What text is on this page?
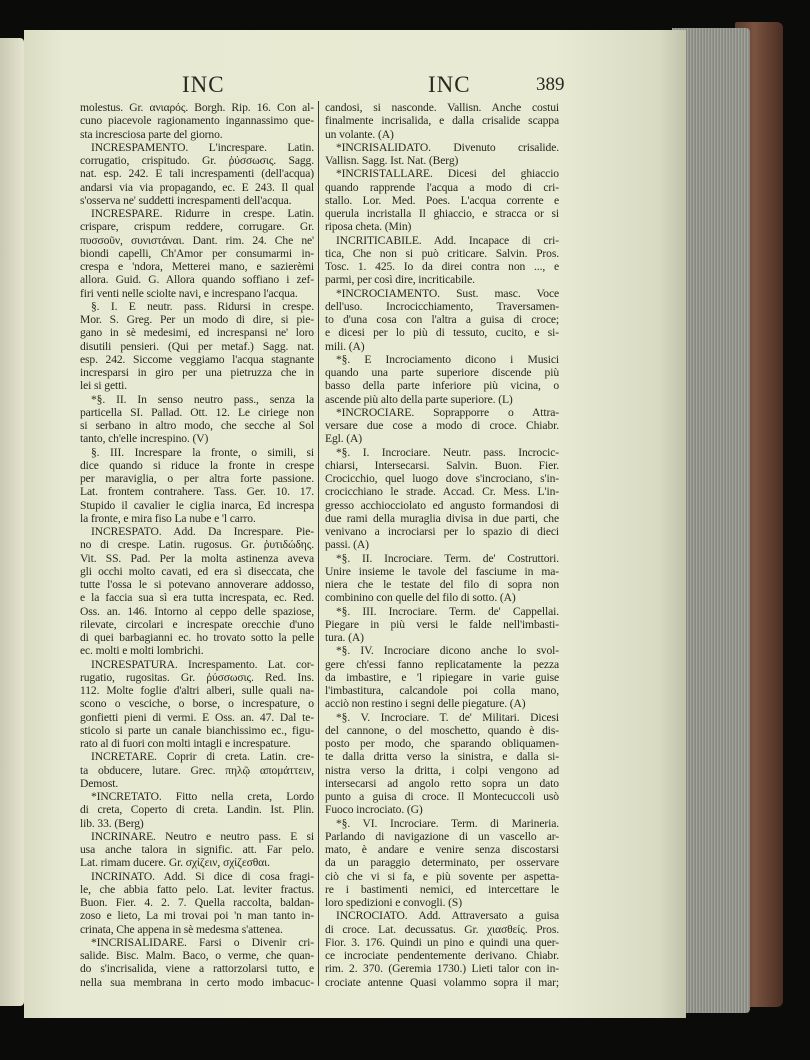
INC	INC	389
molestus. Gr. ανιαρός. Borgh. Rip. 16. Con al-
cuno piacevole ragionamento ingannassimo que-
sta incresciosa parte del giorno.
INCRESPAMENTO. L'increspare. Latin.
corrugatio, crispitudo. Gr. ῥύσσωσις. Sagg.
nat. esp. 242. E tali increspamenti (dell'acqua)
andarsi via via propagando, ec. E 243. Il qual
s'osserva ne' suddetti increspamenti dell'acqua.
INCRESPARE. Ridurre in crespe. Latin.
crispare, crispum reddere, corrugare. Gr.
πυσσοῦν, συνιστάναι. Dant. rim. 24. Che ne'
biondi capelli, Ch'Amor per consumarmi in-
crespa e 'ndora, Metterei mano, e sazierèmi
allora. Guid. G. Allora quando soffiano i zef-
firi venti nelle sciolte navi, e increspano l'acqua.
§. I. E neutr. pass. Ridursi in crespe.
Mor. S. Greg. Per un modo di dire, si pie-
gano in sè medesimi, ed increspansi ne' loro
disutili pensieri. (Qui per metaf.) Sagg. nat.
esp. 242. Siccome veggiamo l'acqua stagnante
incresparsi in giro per una pietruzza che in
lei si getti.
*§. II. In senso neutro pass., senza la
particella SI. Pallad. Ott. 12. Le ciriege non
si serbano in altro modo, che secche al Sol
tanto, ch'elle increspino. (V)
§. III. Increspare la fronte, o simili, si
dice quando si riduce la fronte in crespe
per maraviglia, o per altra forte passione.
Lat. frontem contrahere. Tass. Ger. 10. 17.
Stupido il cavalier le ciglia inarca, Ed increspa
la fronte, e mira fiso La nube e 'l carro.
INCRESPATO. Add. Da Increspare. Pie-
no di crespe. Latin. rugosus. Gr. ῥυτιδώδης.
Vit. SS. Pad. Per la molta astinenza aveva
gli occhi molto cavati, ed era sì diseccata, che
tutte l'ossa le si potevano annoverare addosso,
e la faccia sua sì era tutta increspata, ec. Red.
Oss. an. 146. Intorno al ceppo delle spaziose,
rilevate, circolari e increspate orecchie d'uno
di quei barbagianni ec. ho trovato sotto la pelle
ec. molti e molti lombrichi.
INCRESPATURA. Increspamento. Lat. cor-
rugatio, rugositas. Gr. ῥύσσωσις. Red. Ins.
112. Molte foglie d'altri alberi, sulle quali na-
scono o vesciche, o borse, o increspature, o
gonfietti pieni di vermi. E Oss. an. 47. Dal te-
sticolo si parte un canale bianchissimo ec., figu-
rato al di fuori con molti intagli e increspature.
INCRETARE. Coprir di creta. Latin. cre-
ta obducere, lutare. Grec. πηλῷ απομάττειν,
Demost.
*INCRETATO. Fitto nella creta, Lordo
di creta, Coperto di creta. Landin. Ist. Plin.
lib. 33. (Berg)
INCRINARE. Neutro e neutro pass. E si
usa anche talora in signific. att. Far pelo.
Lat. rimam ducere. Gr. σχίζειν, σχίζεσθαι.
INCRINATO. Add. Si dice di cosa fragi-
le, che abbia fatto pelo. Lat. leviter fractus.
Buon. Fier. 4. 2. 7. Quella raccolta, baldan-
zoso e lieto, La mi trovai poi 'n man tanto in-
crinata, Che appena in sè medesma s'attenea.
*INCRISALIDARE. Farsi o Divenir cri-
salide. Bisc. Malm. Baco, o verme, che quan-
do s'incrisalida, viene a rattorzolarsi tutto, e
nella sua membrana in certo modo imbacuc-
candosi, si nasconde. Vallisn. Anche costui
finalmente incrisalida, e dalla crisalide scappa
un volante. (A)
*INCRISALIDATO. Divenuto crisalide.
Vallisn. Sagg. Ist. Nat. (Berg)
*INCRISTALLARE. Dicesi del ghiaccio
quando rapprende l'acqua a modo di cri-
stallo. Lor. Med. Poes. L'acqua corrente e
querula incristalla Il ghiaccio, e stracca or si
riposa cheta. (Min)
INCRITICABILE. Add. Incapace di cri-
tica, Che non si può criticare. Salvin. Pros.
Tosc. 1. 425. Io da direi contra non ..., e
parmi, per così dire, incriticabile.
*INCROCIAMENTO. Sust. masc. Voce
dell'uso. Incrocicchiamento, Traversamen-
to d'una cosa con l'altra a guisa di croce;
e dicesi per lo più di tessuto, cucito, e si-
mili. (A)
*§. E Incrociamento dicono i Musici
quando una parte superiore discende più
basso della parte inferiore più vicina, o
ascende più alto della parte superiore. (L)
*INCROCIARE. Soprapporre o Attra-
versare due cose a modo di croce. Chiabr.
Egl. (A)
*§. I. Incrociare. Neutr. pass. Incrocic-
chiarsi, Intersecarsi. Salvin. Buon. Fier.
Crocicchio, quel luogo dove s'incrociano, s'in-
crocicchiano le strade. Accad. Cr. Mess. L'in-
gresso acchiocciolato ed angusto formandosi di
due rami della muraglia divisa in due parti, che
venivano a incrociarsi per lo spazio di dieci
passi. (A)
*§. II. Incrociare. Term. de' Costruttori.
Unire insieme le tavole del fasciume in ma-
niera che le testate del filo di sopra non
combinino con quelle del filo di sotto. (A)
*§. III. Incrociare. Term. de' Cappellai.
Piegare in più versi le falde nell'imbasti-
tura. (A)
*§. IV. Incrociare dicono anche lo svol-
gere ch'essi fanno replicatamente la pezza
da imbastire, e 'l ripiegare in varie guise
l'imbastitura, calcandole poi colla mano,
acciò non restino i segni delle piegature. (A)
*§. V. Incrociare. T. de' Militari. Dicesi
del cannone, o del moschetto, quando è dis-
posto per modo, che sparando obliquamen-
te dalla dritta verso la sinistra, e dalla si-
nistra verso la dritta, i colpi vengono ad
intersecarsi ad angolo retto sopra un dato
punto a guisa di croce. Il Montecuccoli usò
Fuoco incrociato. (G)
*§. VI. Incrociare. Term. di Marineria.
Parlando di navigazione di un vascello ar-
mato, è andare e venire senza discostarsi
da un paraggio determinato, per osservare
ciò che vi si fa, e più sovente per aspetta-
re i bastimenti nemici, ed intercettare le
loro spedizioni e convogli. (S)
INCROCIATO. Add. Attraversato a guisa
di croce. Lat. decussatus. Gr. χιασθείς. Pros.
Fior. 3. 176. Quindi un pino e quindi una quer-
ce incrociate pendentemente derivano. Chiabr.
rim. 2. 370. (Geremia 1730.) Lieti talor con in-
crociate antenne Quasi volammo sopra il mar;
